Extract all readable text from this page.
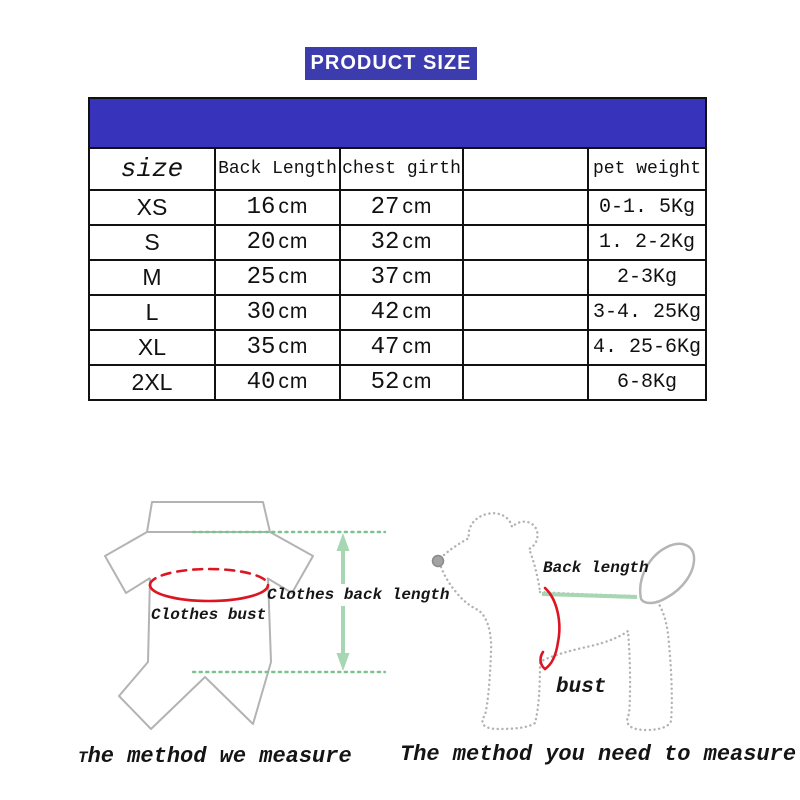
PRODUCT SIZE

size	Back Length	chest girth		pet weight
XS	16 cm	27 cm		0-1. 5Kg
S	20 cm	32 cm		1. 2-2Kg
M	25 cm	37 cm		2-3Kg
L	30 cm	42 cm		3-4. 25Kg
XL	35 cm	47 cm		4. 25-6Kg
2XL	40 cm	52 cm		6-8Kg
Clothes back length
Clothes bust
Back length
bust
The method we measure The method you need to measure
